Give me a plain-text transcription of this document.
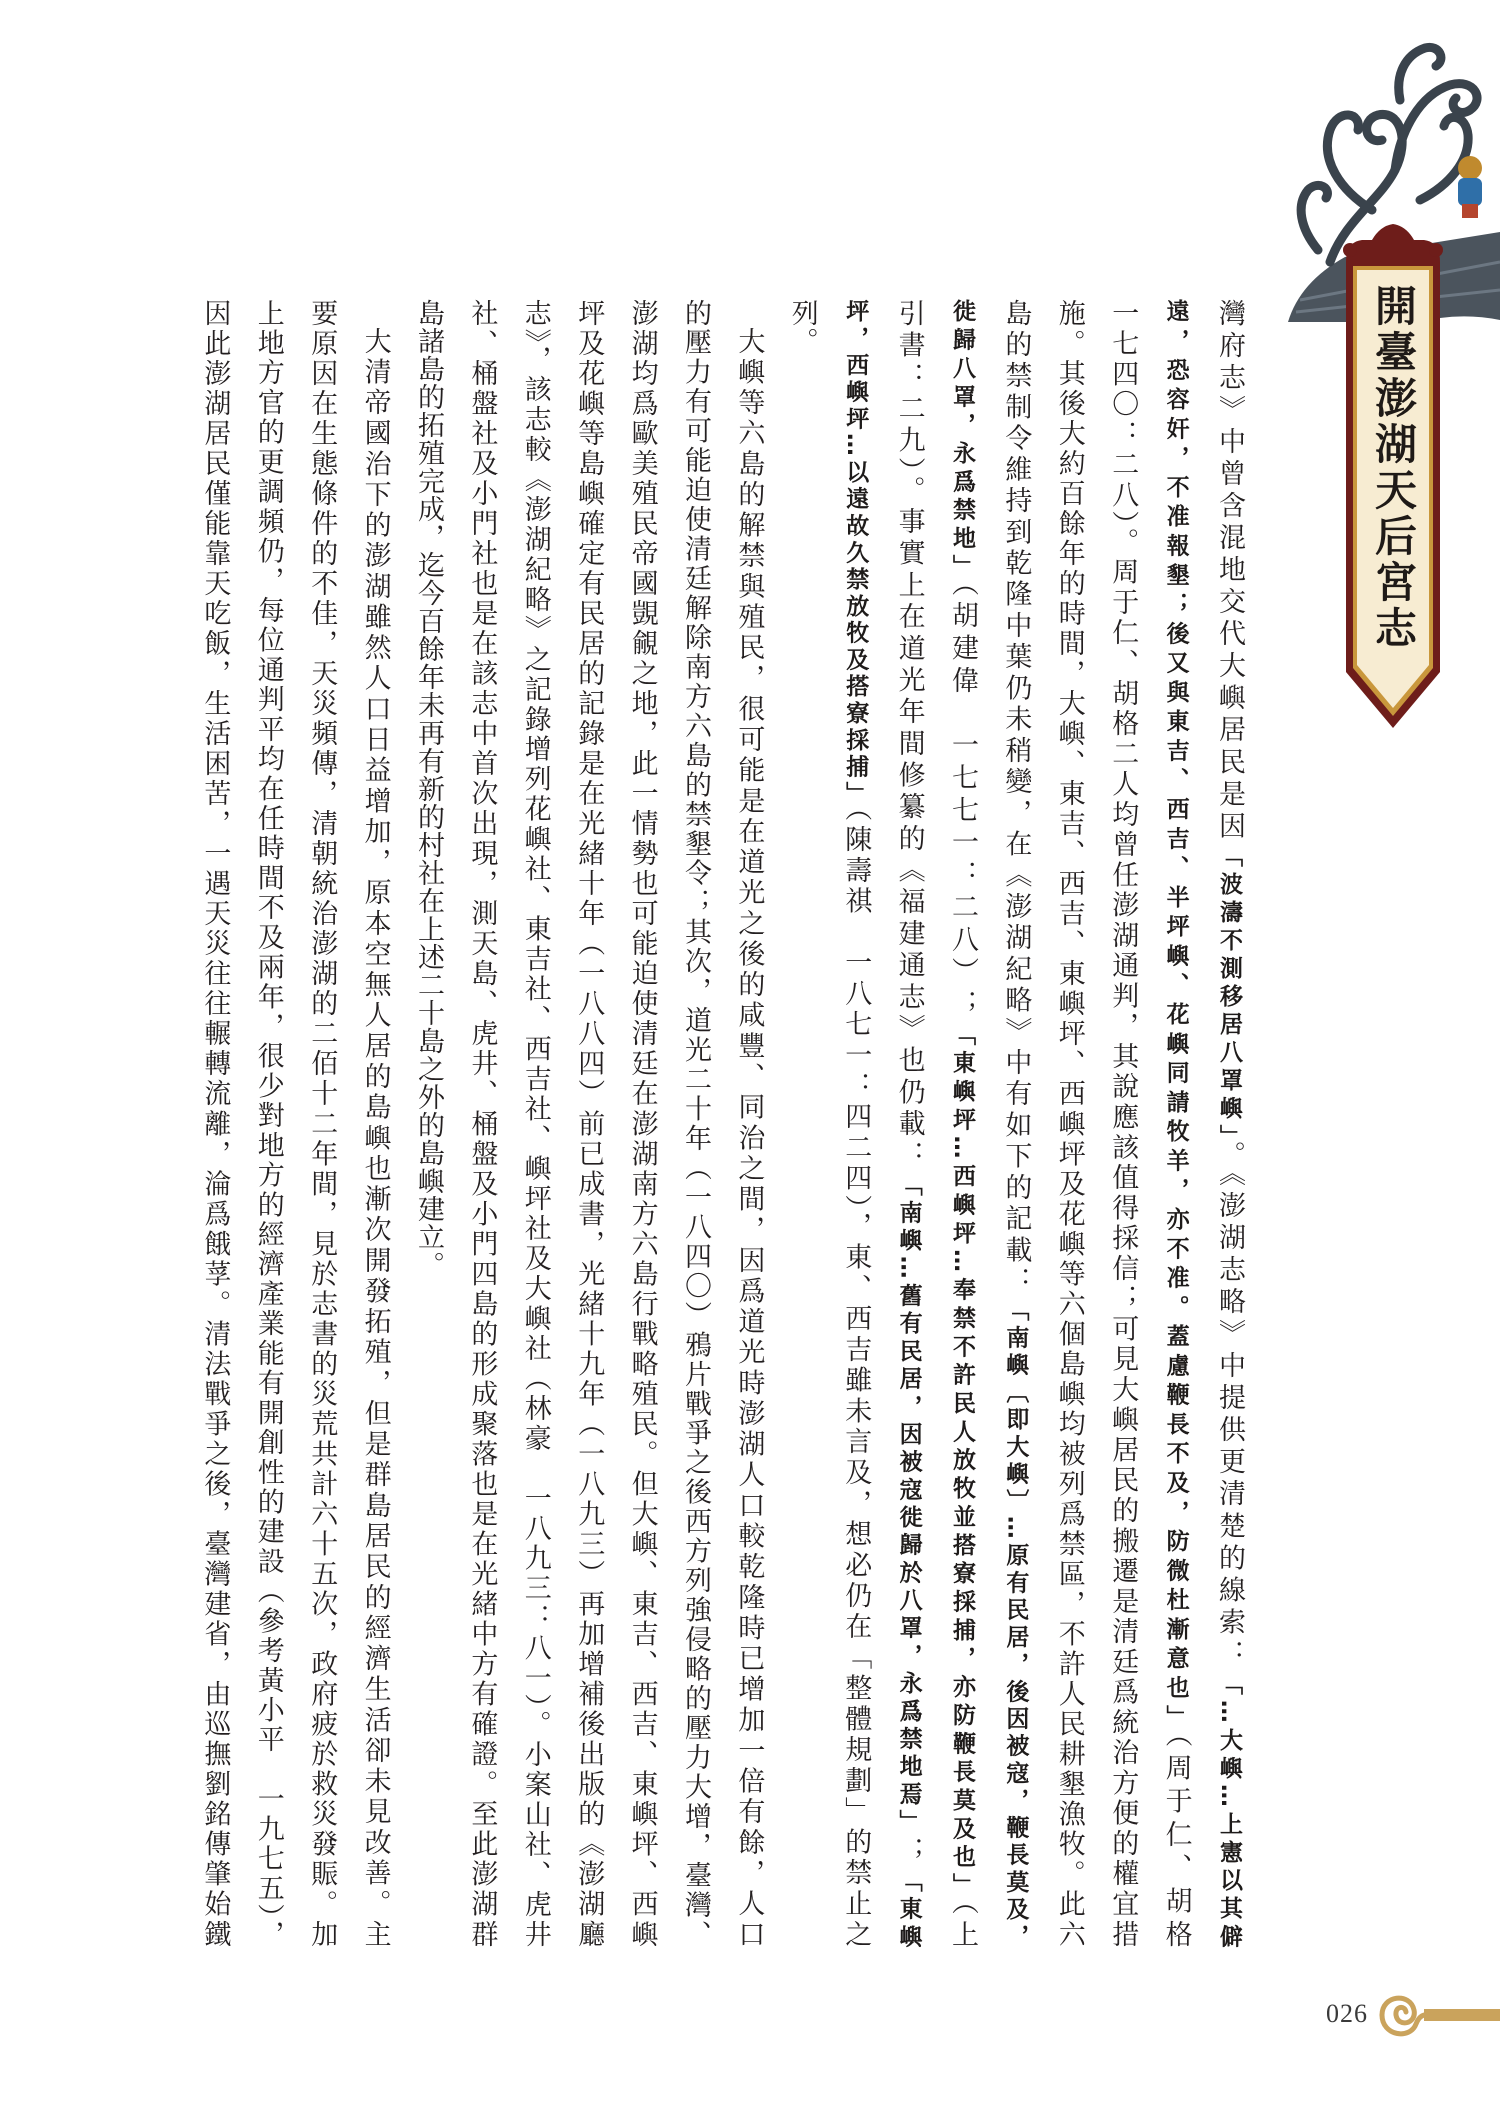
開臺澎湖天后宮志
灣府志》中曾含混地交代大嶼居民是因「波濤不測移居八罩嶼」。《澎湖志略》中提供更清楚的線索：「…大嶼…上憲以其僻
遠，恐容奸，不准報墾；後又與東吉、西吉、半坪嶼、花嶼同請牧羊，亦不准。蓋慮鞭長不及，防微杜漸意也」（周于仁、胡格
一七四〇：二八）。周于仁、胡格二人均曾任澎湖通判，其說應該值得採信；可見大嶼居民的搬遷是清廷爲統治方便的權宜措
施。其後大約百餘年的時間，大嶼、東吉、西吉、東嶼坪、西嶼坪及花嶼等六個島嶼均被列爲禁區，不許人民耕墾漁牧。此六
島的禁制令維持到乾隆中葉仍未稍變，在《澎湖紀略》中有如下的記載：「南嶼〔即大嶼〕…原有民居，後因被寇，鞭長莫及，
徙歸八罩，永爲禁地」（胡建偉　一七七一：二八）；「東嶼坪…西嶼坪…奉禁不許民人放牧並搭寮採捕，亦防鞭長莫及也」（上
引書：二九）。事實上在道光年間修纂的《福建通志》也仍載：「南嶼…舊有民居，因被寇徙歸於八罩，永爲禁地焉」；「東嶼
坪，西嶼坪…以遠故久禁放牧及搭寮採捕」（陳壽祺　一八七一：四二四），東、西吉雖未言及，想必仍在「整體規劃」的禁止之
列。
大嶼等六島的解禁與殖民，很可能是在道光之後的咸豐、同治之間，因爲道光時澎湖人口較乾隆時已增加一倍有餘，人口
的壓力有可能迫使清廷解除南方六島的禁墾令；其次，道光二十年（一八四〇）鴉片戰爭之後西方列強侵略的壓力大增，臺灣、
澎湖均爲歐美殖民帝國覬覦之地，此一情勢也可能迫使清廷在澎湖南方六島行戰略殖民。但大嶼、東吉、西吉、東嶼坪、西嶼
坪及花嶼等島嶼確定有民居的記錄是在光緒十年（一八八四）前已成書，光緒十九年（一八九三）再加增補後出版的《澎湖廳
志》，該志較《澎湖紀略》之記錄增列花嶼社、東吉社、西吉社、嶼坪社及大嶼社（林豪　一八九三：八一）。小案山社、虎井
社、桶盤社及小門社也是在該志中首次出現，測天島、虎井、桶盤及小門四島的形成聚落也是在光緒中方有確證。至此澎湖群
島諸島的拓殖完成，迄今百餘年未再有新的村社在上述二十島之外的島嶼建立。
大清帝國治下的澎湖雖然人口日益增加，原本空無人居的島嶼也漸次開發拓殖，但是群島居民的經濟生活卻未見改善。主
要原因在生態條件的不佳，天災頻傳，清朝統治澎湖的二佰十二年間，見於志書的災荒共計六十五次，政府疲於救災發賑。加
上地方官的更調頻仍，每位通判平均在任時間不及兩年，很少對地方的經濟產業能有開創性的建設（參考黃小平　一九七五），
因此澎湖居民僅能靠天吃飯，生活困苦，一遇天災往往輾轉流離，淪爲餓莩。清法戰爭之後，臺灣建省，由巡撫劉銘傳肇始鐵
026
